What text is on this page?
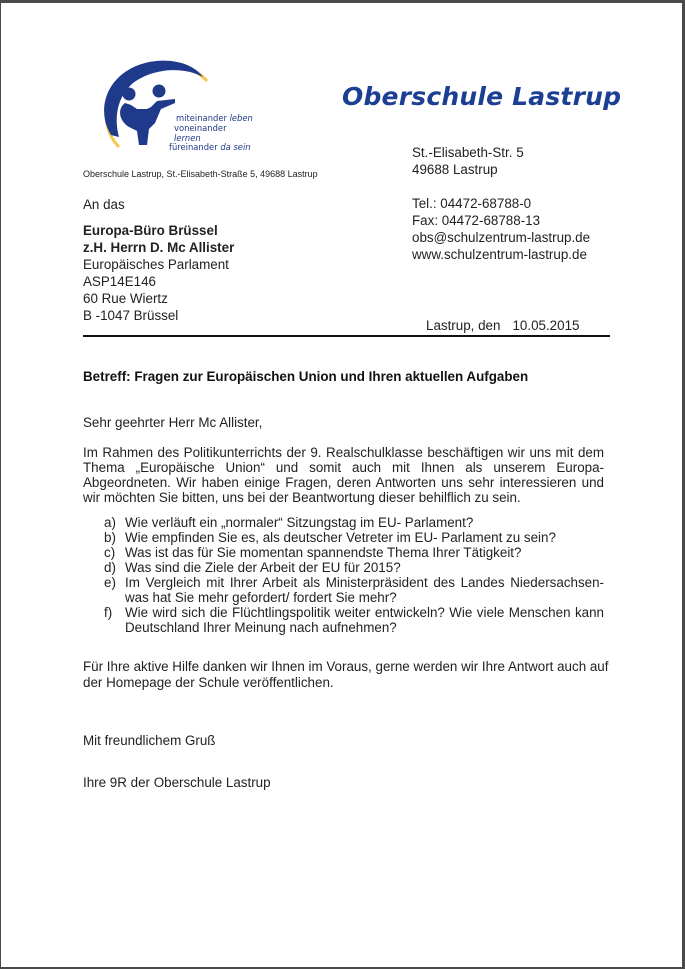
miteinander leben
voneinander lernen
füreinander da sein
Oberschule Lastrup
Oberschule Lastrup, St.-Elisabeth-Straße 5, 49688 Lastrup
St.-Elisabeth-Str. 5
49688 Lastrup
Tel.: 04472-68788-0
Fax: 04472-68788-13
obs@schulzentrum-lastrup.de
www.schulzentrum-lastrup.de
An das
Europa-Büro Brüssel
z.H. Herrn D. Mc Allister
Europäisches Parlament
ASP14E146
60 Rue Wiertz
B -1047 Brüssel
Lastrup, den 10.05.2015
Betreff: Fragen zur Europäischen Union und Ihren aktuellen Aufgaben
Sehr geehrter Herr Mc Allister,
Im Rahmen des Politikunterrichts der 9. Realschulklasse beschäftigen wir uns mit dem Thema „Europäische Union“ und somit auch mit Ihnen als unserem Europa- Abgeordneten. Wir haben einige Fragen, deren Antworten uns sehr interessieren und wir möchten Sie bitten, uns bei der Beantwortung dieser behilflich zu sein.
a) Wie verläuft ein „normaler“ Sitzungstag im EU- Parlament?
b) Wie empfinden Sie es, als deutscher Vetreter im EU- Parlament zu sein?
c) Was ist das für Sie momentan spannendste Thema Ihrer Tätigkeit?
d) Was sind die Ziele der Arbeit der EU für 2015?
e) Im Vergleich mit Ihrer Arbeit als Ministerpräsident des Landes Niedersachsen- was hat Sie mehr gefordert/ fordert Sie mehr?
f) Wie wird sich die Flüchtlingspolitik weiter entwickeln? Wie viele Menschen kann Deutschland Ihrer Meinung nach aufnehmen?
Für Ihre aktive Hilfe danken wir Ihnen im Voraus, gerne werden wir Ihre Antwort auch auf der Homepage der Schule veröffentlichen.
Mit freundlichem Gruß
Ihre 9R der Oberschule Lastrup
